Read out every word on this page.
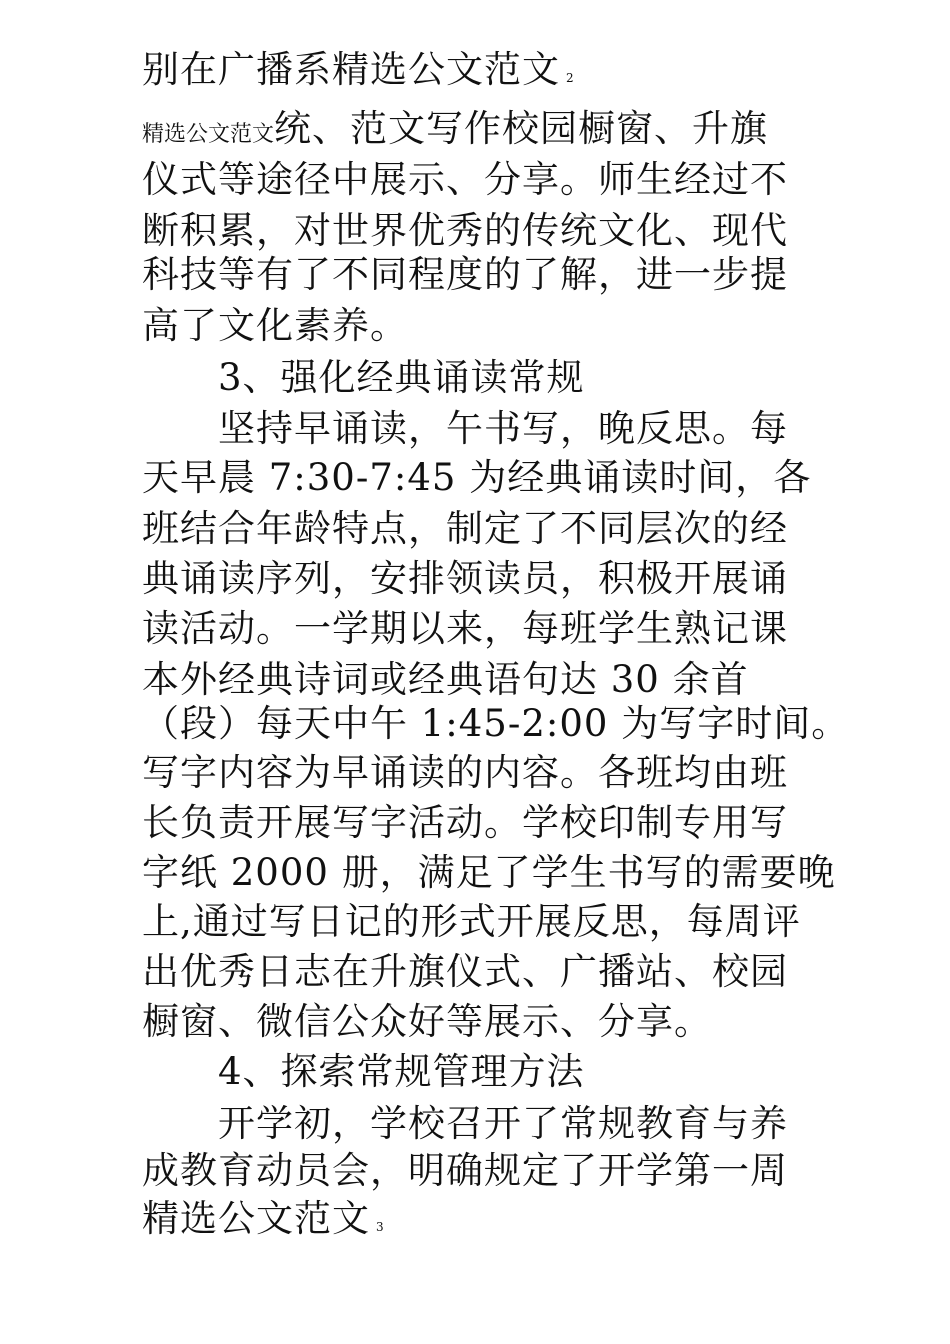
别在广播系精选公文范文 2
精选公文范文统、范文写作校园橱窗、升旗
仪式等途径中展示、分享。师生经过不
断积累，对世界优秀的传统文化、现代
科技等有了不同程度的了解，进一步提
高了文化素养。
3、强化经典诵读常规
坚持早诵读，午书写，晚反思。每
天早晨 7:30-7:45 为经典诵读时间，各
班结合年龄特点，制定了不同层次的经
典诵读序列，安排领读员，积极开展诵
读活动。一学期以来，每班学生熟记课
本外经典诗词或经典语句达 30 余首
（段）每天中午 1:45-2:00 为写字时间。
写字内容为早诵读的内容。各班均由班
长负责开展写字活动。学校印制专用写
字纸 2000 册，满足了学生书写的需要晚
上,通过写日记的形式开展反思，每周评
出优秀日志在升旗仪式、广播站、校园
橱窗、微信公众好等展示、分享。
4、探索常规管理方法
开学初，学校召开了常规教育与养
成教育动员会，明确规定了开学第一周
精选公文范文 3
